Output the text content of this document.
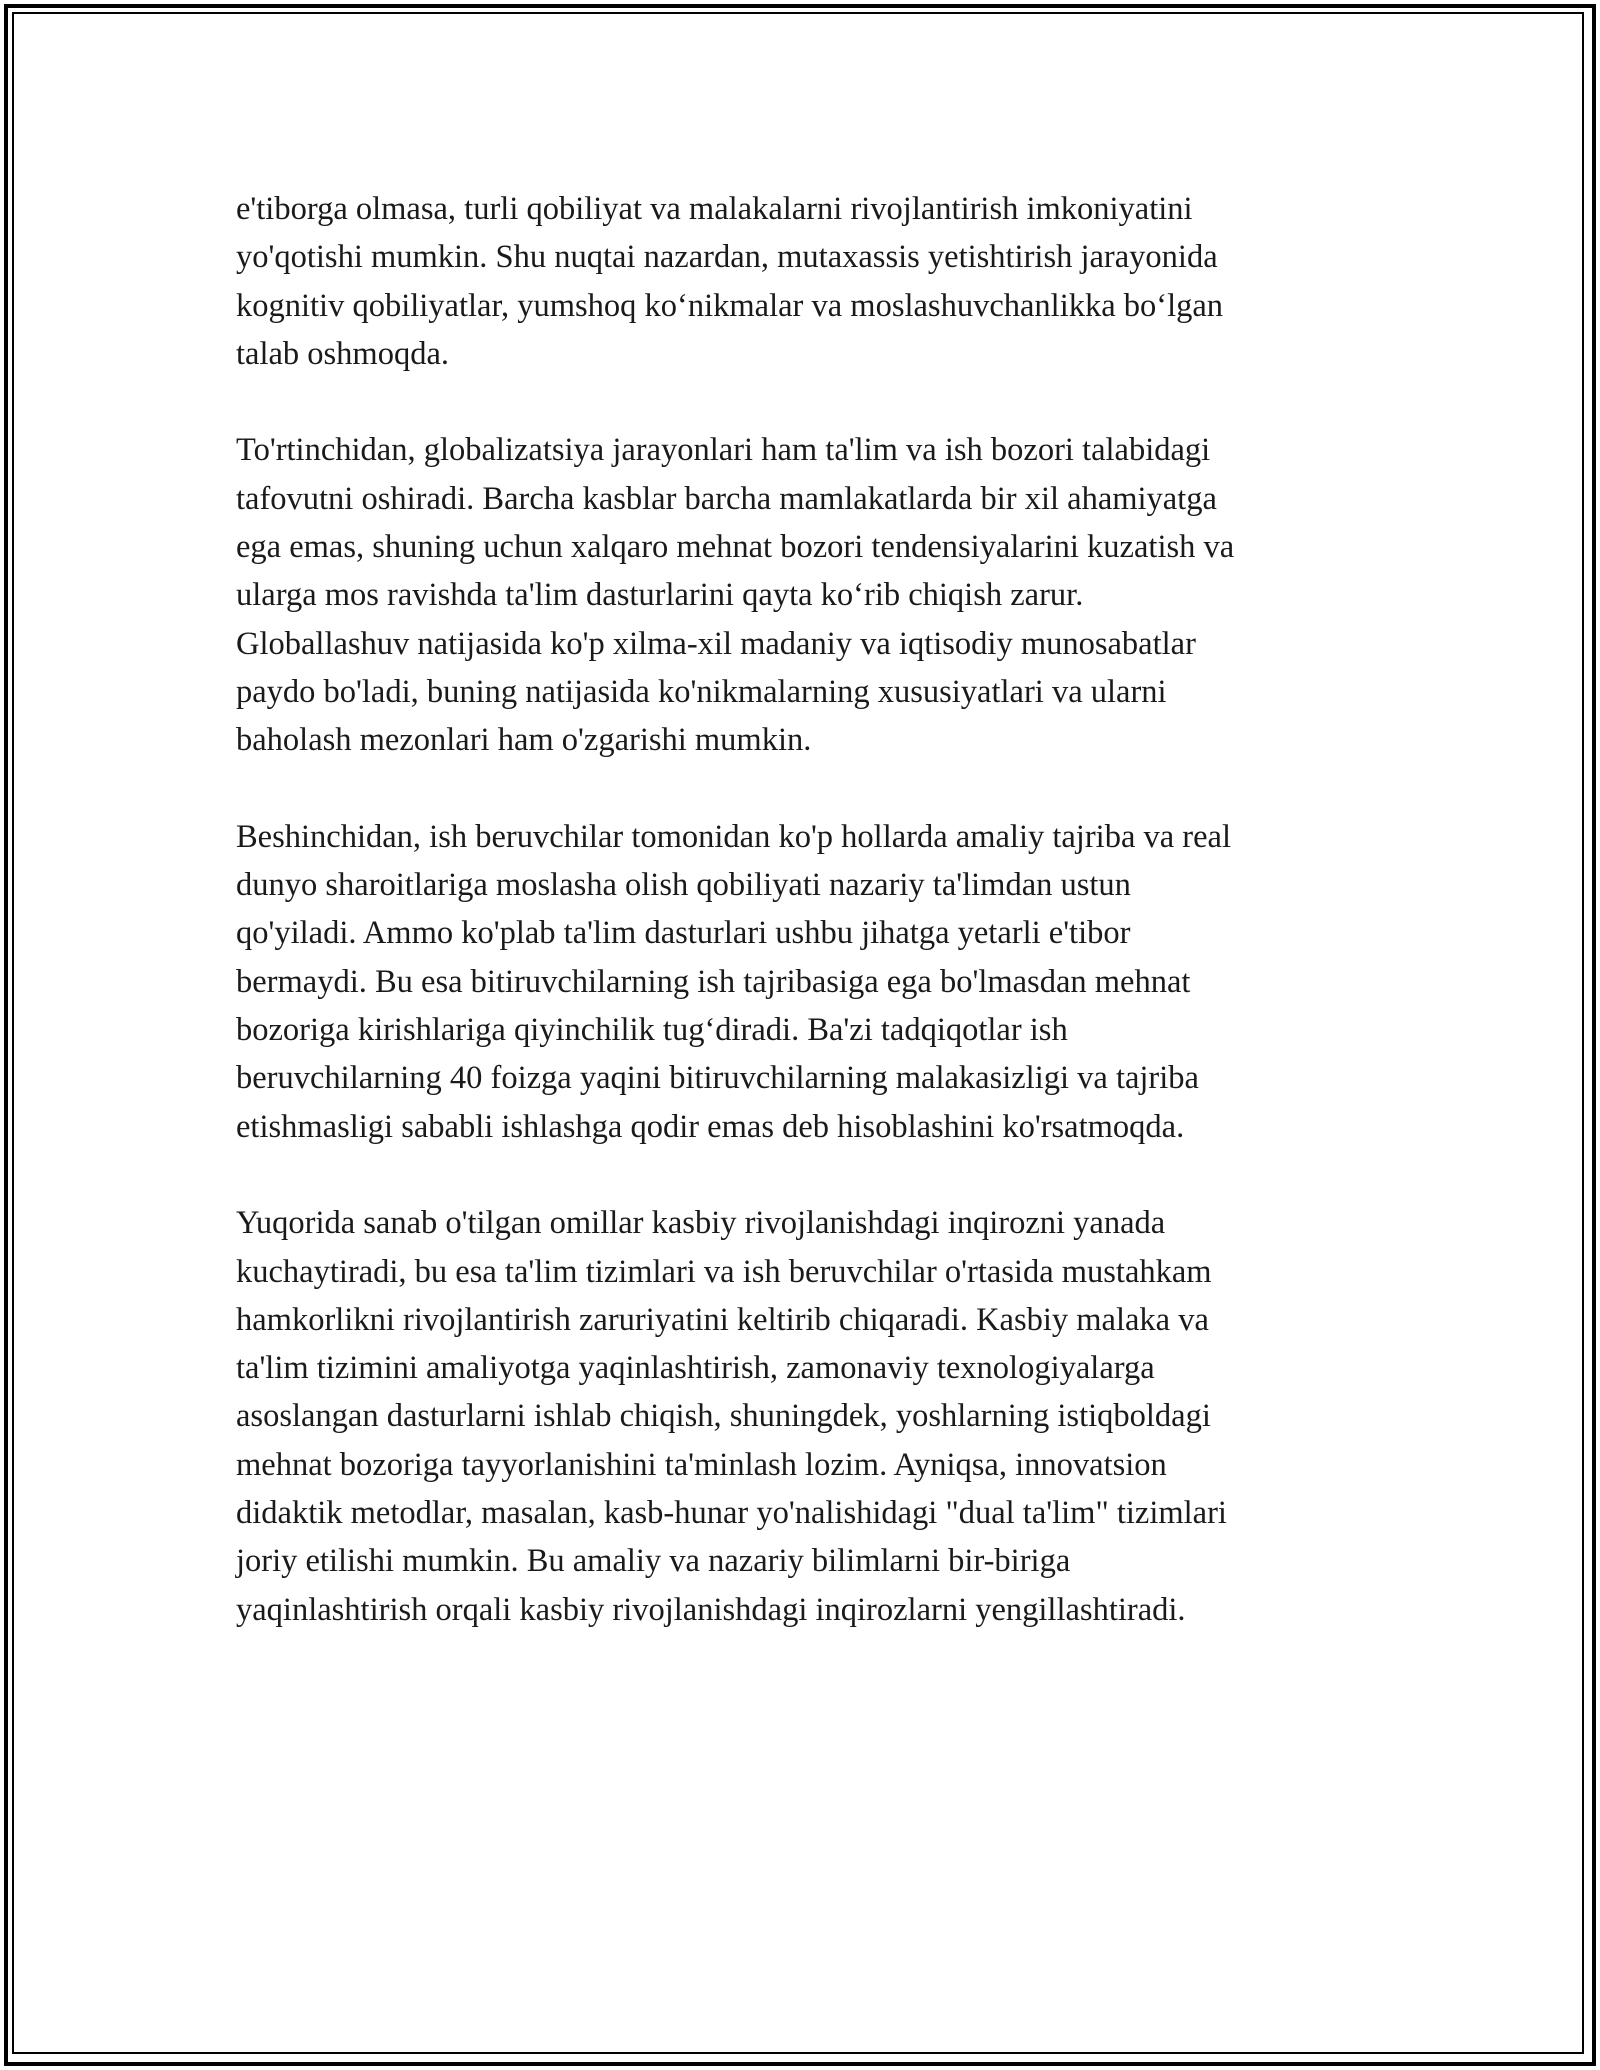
e'tiborga olmasa, turli qobiliyat va malakalarni rivojlantirish imkoniyatini
yo'qotishi mumkin. Shu nuqtai nazardan, mutaxassis yetishtirish jarayonida
kognitiv qobiliyatlar, yumshoq ko‘nikmalar va moslashuvchanlikka bo‘lgan
talab oshmoqda.

To'rtinchidan, globalizatsiya jarayonlari ham ta'lim va ish bozori talabidagi
tafovutni oshiradi. Barcha kasblar barcha mamlakatlarda bir xil ahamiyatga
ega emas, shuning uchun xalqaro mehnat bozori tendensiyalarini kuzatish va
ularga mos ravishda ta'lim dasturlarini qayta ko‘rib chiqish zarur.
Globallashuv natijasida ko'p xilma-xil madaniy va iqtisodiy munosabatlar
paydo bo'ladi, buning natijasida ko'nikmalarning xususiyatlari va ularni
baholash mezonlari ham o'zgarishi mumkin.

Beshinchidan, ish beruvchilar tomonidan ko'p hollarda amaliy tajriba va real
dunyo sharoitlariga moslasha olish qobiliyati nazariy ta'limdan ustun
qo'yiladi. Ammo ko'plab ta'lim dasturlari ushbu jihatga yetarli e'tibor
bermaydi. Bu esa bitiruvchilarning ish tajribasiga ega bo'lmasdan mehnat
bozoriga kirishlariga qiyinchilik tug‘diradi. Ba'zi tadqiqotlar ish
beruvchilarning 40 foizga yaqini bitiruvchilarning malakasizligi va tajriba
etishmasligi sababli ishlashga qodir emas deb hisoblashini ko'rsatmoqda.

Yuqorida sanab o'tilgan omillar kasbiy rivojlanishdagi inqirozni yanada
kuchaytiradi, bu esa ta'lim tizimlari va ish beruvchilar o'rtasida mustahkam
hamkorlikni rivojlantirish zaruriyatini keltirib chiqaradi. Kasbiy malaka va
ta'lim tizimini amaliyotga yaqinlashtirish, zamonaviy texnologiyalarga
asoslangan dasturlarni ishlab chiqish, shuningdek, yoshlarning istiqboldagi
mehnat bozoriga tayyorlanishini ta'minlash lozim. Ayniqsa, innovatsion
didaktik metodlar, masalan, kasb-hunar yo'nalishidagi "dual ta'lim" tizimlari
joriy etilishi mumkin. Bu amaliy va nazariy bilimlarni bir-biriga
yaqinlashtirish orqali kasbiy rivojlanishdagi inqirozlarni yengillashtiradi.
